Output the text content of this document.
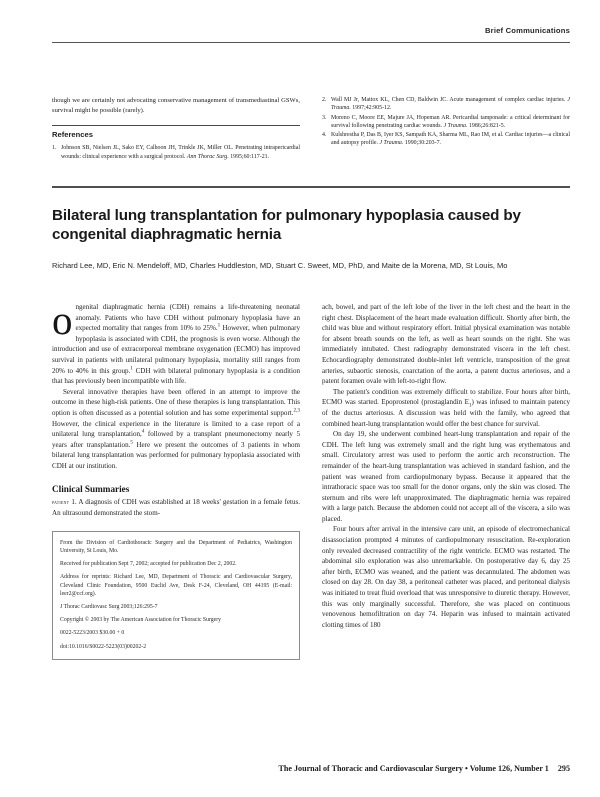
Brief Communications

though we are certainly not advocating conservative management of transmediastinal GSWs, survival might be possible (rarely).

References

1. Johnson SB, Nielsen JL, Sako EY, Calhoon JH, Trinkle JK, Miller OL. Penetrating intrapericardial wounds: clinical experience with a surgical protocol. Ann Thorac Surg. 1995;60:117-21.

2. Wall MJ Jr, Mattox KL, Chen CD, Baldwin JC. Acute management of complex cardiac injuries. J Trauma. 1997;42:905-12.

3. Moreno C, Moore EE, Majure JA, Hopeman AR. Pericardial tamponade: a critical determinant for survival following penetrating cardiac wounds. J Trauma. 1986;26:821-5.

4. Kulshrestha P, Das B, Iyer KS, Sampath KA, Sharma ML, Rao IM, et al. Cardiac injuries—a clinical and autopsy profile. J Trauma. 1990;30:203-7.

Bilateral lung transplantation for pulmonary hypoplasia caused by congenital diaphragmatic hernia

Richard Lee, MD, Eric N. Mendeloff, MD, Charles Huddleston, MD, Stuart C. Sweet, MD, PhD, and Maite de la Morena, MD, St Louis, Mo

ongenital diaphragmatic hernia (CDH) remains a life-threatening neonatal anomaly. Patients who have CDH without pulmonary hypoplasia have an expected mortality that ranges from 10% to 25%.$^1$ However, when pulmonary hypoplasia is associated with CDH, the prognosis is even worse. Although the introduction and use of extracorporeal membrane oxygenation (ECMO) has improved survival in patients with unilateral pulmonary hypoplasia, mortality still ranges from 20% to 40% in this group.$^1$ CDH with bilateral pulmonary hypoplasia is a condition that has previously been incompatible with life.

Several innovative therapies have been offered in an attempt to improve the outcome in these high-risk patients. One of these therapies is lung transplantation. This option is often discussed as a potential solution and has some experimental support.$^{2,3}$ However, the clinical experience in the literature is limited to a case report of a unilateral lung transplantation,$^4$ followed by a transplant pneumonectomy nearly 5 years after transplantation.$^5$ Here we present the outcomes of 3 patients in whom bilateral lung transplantation was performed for pulmonary hypoplasia associated with CDH at our institution.

Clinical Summaries

patient 1. A diagnosis of CDH was established at 18 weeks' gestation in a female fetus. An ultrasound demonstrated the stom-

From the Division of Cardiothoracic Surgery and the Department of Pediatrics, Washington University, St Louis, Mo.

Received for publication Sept 7, 2002; accepted for publication Dec 2, 2002.

Address for reprints: Richard Lee, MD, Department of Thoracic and Cardiovascular Surgery, Cleveland Clinic Foundation, 9500 Euclid Ave, Desk F-24, Cleveland, OH 44195 (E-mail: leer2@ccf.org).

J Thorac Cardiovasc Surg 2003;126:295-7

Copyright © 2003 by The American Association for Thoracic Surgery

0022-5223/2003 $30.00 + 0

doi:10.1016/S0022-5223(03)00202-2

ach, bowel, and part of the left lobe of the liver in the left chest and the heart in the right chest. Displacement of the heart made evaluation difficult. Shortly after birth, the child was blue and without respiratory effort. Initial physical examination was notable for absent breath sounds on the left, as well as heart sounds on the right. She was immediately intubated. Chest radiography demonstrated viscera in the left chest. Echocardiography demonstrated double-inlet left ventricle, transposition of the great arteries, subaortic stenosis, coarctation of the aorta, a patent ductus arteriosus, and a patent foramen ovale with left-to-right flow.

The patient's condition was extremely difficult to stabilize. Four hours after birth, ECMO was started. Epoprostenol (prostaglandin $E_1$) was infused to maintain patency of the ductus arteriosus. A discussion was held with the family, who agreed that combined heart-lung transplantation would offer the best chance for survival.

On day 19, she underwent combined heart-lung transplantation and repair of the CDH. The left lung was extremely small and the right lung was erythematous and small. Circulatory arrest was used to perform the aortic arch reconstruction. The remainder of the heart-lung transplantation was achieved in standard fashion, and the patient was weaned from cardiopulmonary bypass. Because it appeared that the intrathoracic space was too small for the donor organs, only the skin was closed. The sternum and ribs were left unapproximated. The diaphragmatic hernia was repaired with a large patch. Because the abdomen could not accept all of the viscera, a silo was placed.

Four hours after arrival in the intensive care unit, an episode of electromechanical disassociation prompted 4 minutes of cardiopulmonary resuscitation. Re-exploration only revealed decreased contractility of the right ventricle. ECMO was restarted. The abdominal silo exploration was also unremarkable. On postoperative day 6, day 25 after birth, ECMO was weaned, and the patient was decannulated. The abdomen was closed on day 28. On day 38, a peritoneal catheter was placed, and peritoneal dialysis was initiated to treat fluid overload that was unresponsive to diuretic therapy. However, this was only marginally successful. Therefore, she was placed on continuous venovenous hemofiltration on day 74. Heparin was infused to maintain activated clotting times of 180

The Journal of Thoracic and Cardiovascular Surgery • Volume 126, Number 1 295
